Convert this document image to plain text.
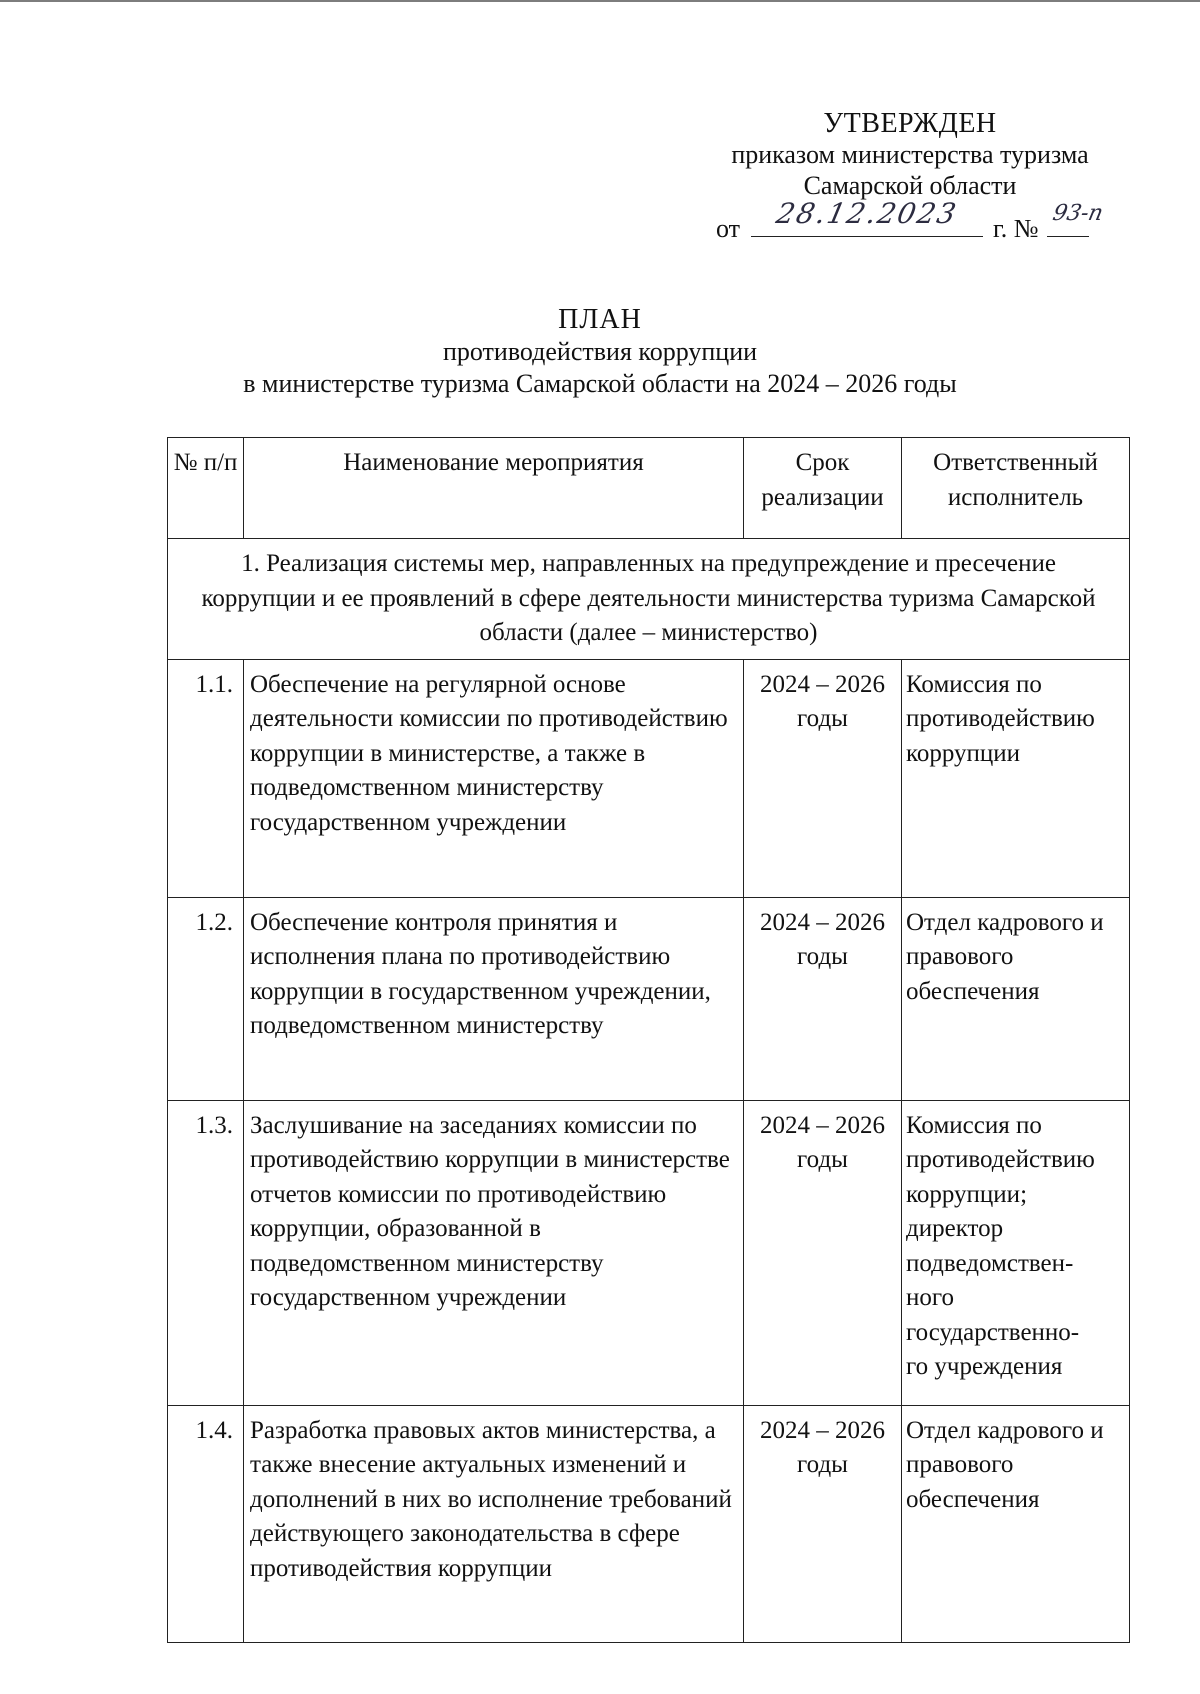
УТВЕРЖДЕН
приказом министерства туризма
Самарской области
от	28.12.2023	г. №
93-п
ПЛАН
противодействия коррупции
в министерстве туризма Самарской области на 2024 – 2026 годы
№ п/п	Наименование мероприятия	Срок реализации	Ответственный исполнитель
1. Реализация системы мер, направленных на предупреждение и пресечение коррупции и ее проявлений в сфере деятельности министерства туризма Самарской области (далее – министерство)			
1.1.	Обеспечение на регулярной основе деятельности комиссии по противодействию коррупции в министерстве, а также в подведомственном министерству государственном учреждении	2024 – 2026 годы	Комиссия по противодействию коррупции
1.2.	Обеспечение контроля принятия и исполнения плана по противодействию коррупции в государственном учреждении, подведомственном министерству	2024 – 2026 годы	Отдел кадрового и правового обеспечения
1.3.	Заслушивание на заседаниях комиссии по противодействию коррупции в министерстве отчетов комиссии по противодействию коррупции, образованной в подведомственном министерству государственном учреждении	2024 – 2026 годы	Комиссия по противодействию коррупции;
директор подведомствен-
ного государственно-
го учреждения
1.4.	Разработка правовых актов министерства, а также внесение актуальных изменений и дополнений в них во исполнение требований действующего законодательства в сфере противодействия коррупции	2024 – 2026 годы	Отдел кадрового и правового обеспечения
